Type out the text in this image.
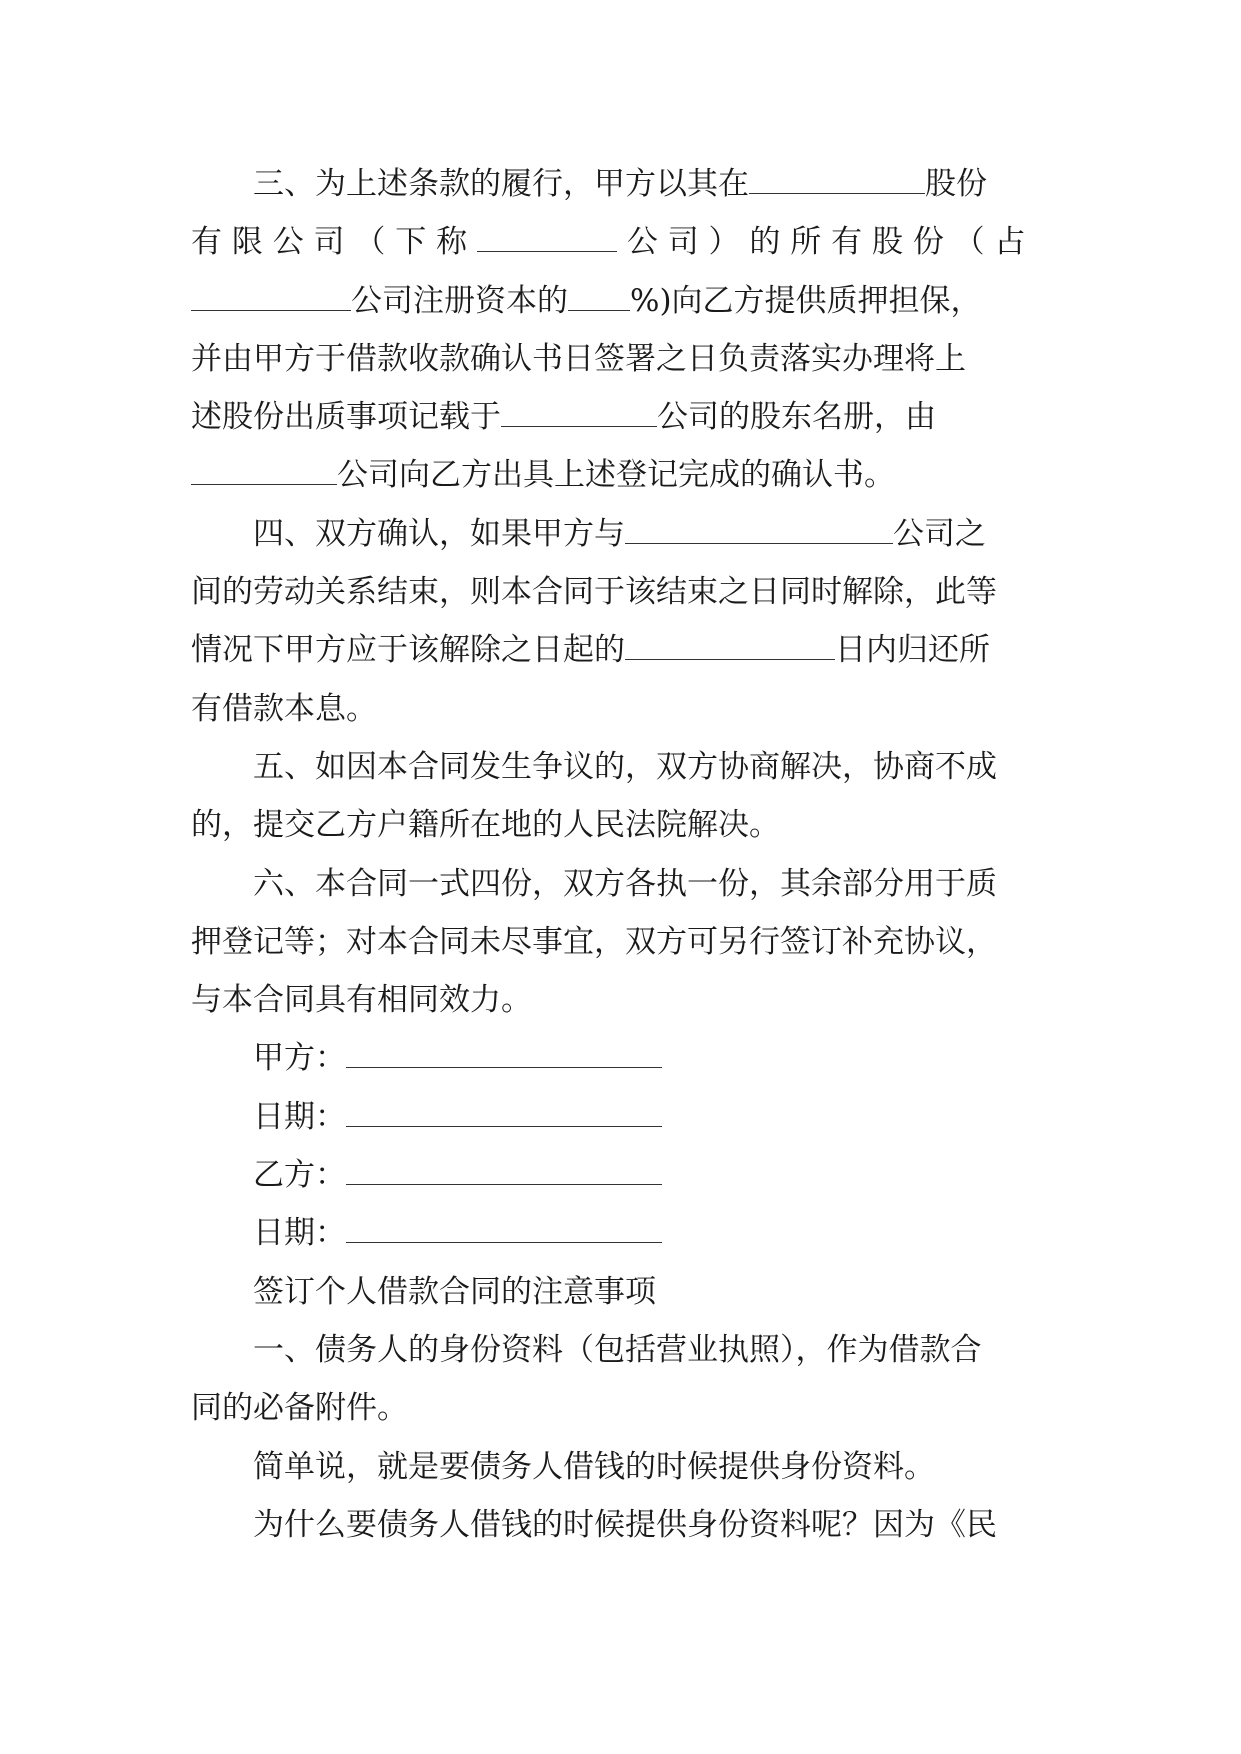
三、为上述条款的履行，甲方以其在	股份
有 限 公 司 （ 下 称	公 司 ） 的 所 有 股 份 （ 占
公司注册资本的 %)向乙方提供质押担保，
并由甲方于借款收款确认书日签署之日负责落实办理将上
述股份出质事项记载于	公司的股东名册，由
公司向乙方出具上述登记完成的确认书。
四、双方确认，如果甲方与	公司之
间的劳动关系结束，则本合同于该结束之日同时解除，此等
情况下甲方应于该解除之日起的	日内归还所
有借款本息。
五、如因本合同发生争议的，双方协商解决，协商不成
的，提交乙方户籍所在地的人民法院解决。
六、本合同一式四份，双方各执一份，其余部分用于质
押登记等；对本合同未尽事宜，双方可另行签订补充协议，
与本合同具有相同效力。
甲方：
日期：
乙方：
日期：
签订个人借款合同的注意事项
一、债务人的身份资料（包括营业执照），作为借款合
同的必备附件。
简单说，就是要债务人借钱的时候提供身份资料。
为什么要债务人借钱的时候提供身份资料呢？因为《民
